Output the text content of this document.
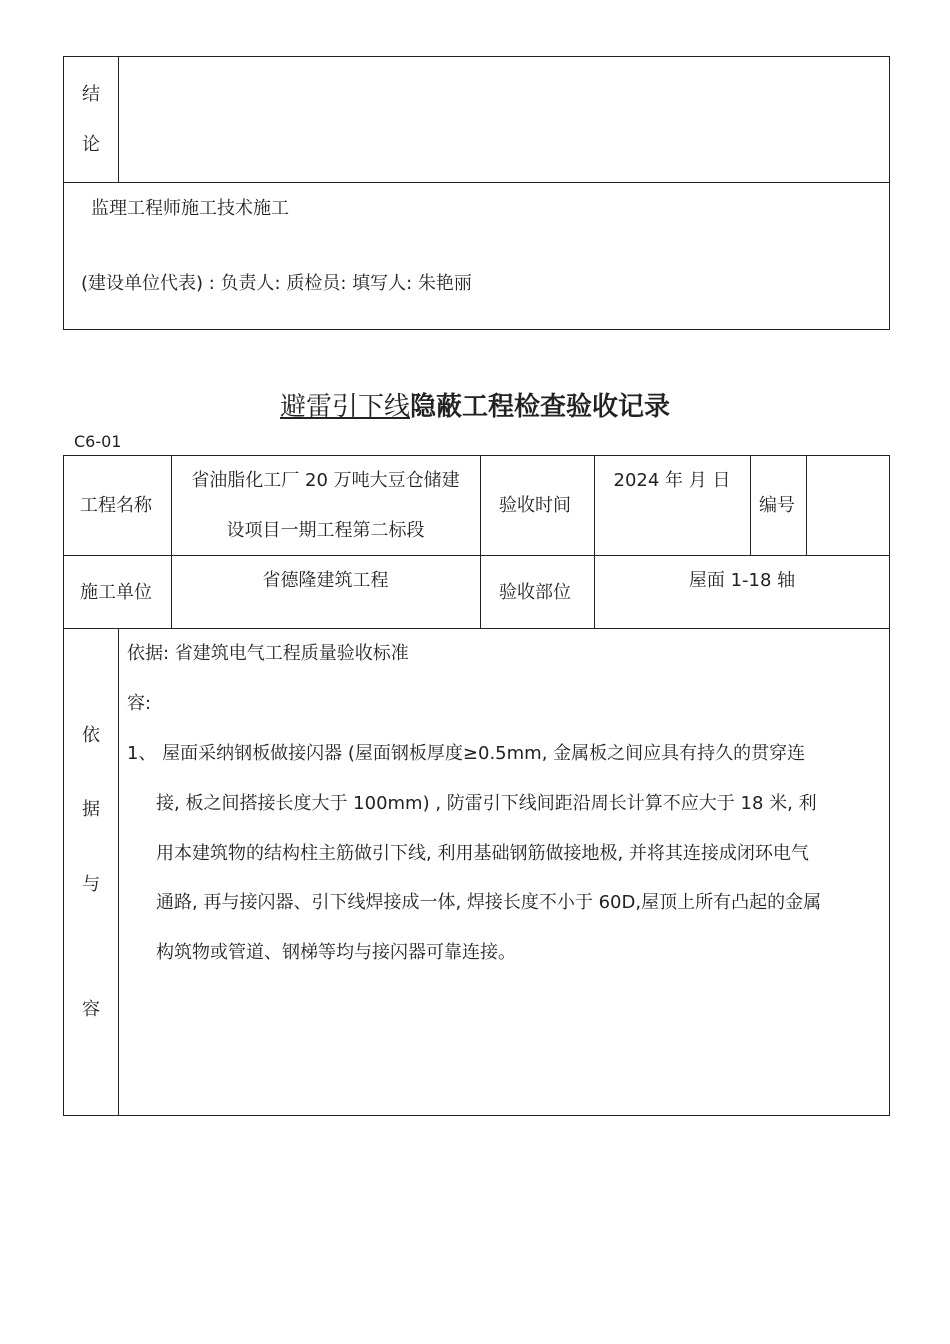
结
论
监理工程师施工技术施工
(建设单位代表) : 负责人: 质检员: 填写人: 朱艳丽
避雷引下线隐蔽工程检查验收记录
C6-01
工程名称
省油脂化工厂 20 万吨大豆仓储建
设项目一期工程第二标段
验收时间
2024 年 月 日
编号
施工单位
省德隆建筑工程
验收部位
屋面 1-18 轴
依
据
与
容
依据: 省建筑电气工程质量验收标准
容:
1、 屋面采纳钢板做接闪器 (屋面钢板厚度≥0.5mm, 金属板之间应具有持久的贯穿连
接, 板之间搭接长度大于 100mm) , 防雷引下线间距沿周长计算不应大于 18 米, 利
用本建筑物的结构柱主筋做引下线, 利用基础钢筋做接地极, 并将其连接成闭环电气
通路, 再与接闪器、引下线焊接成一体, 焊接长度不小于 60D,屋顶上所有凸起的金属
构筑物或管道、钢梯等均与接闪器可靠连接。
